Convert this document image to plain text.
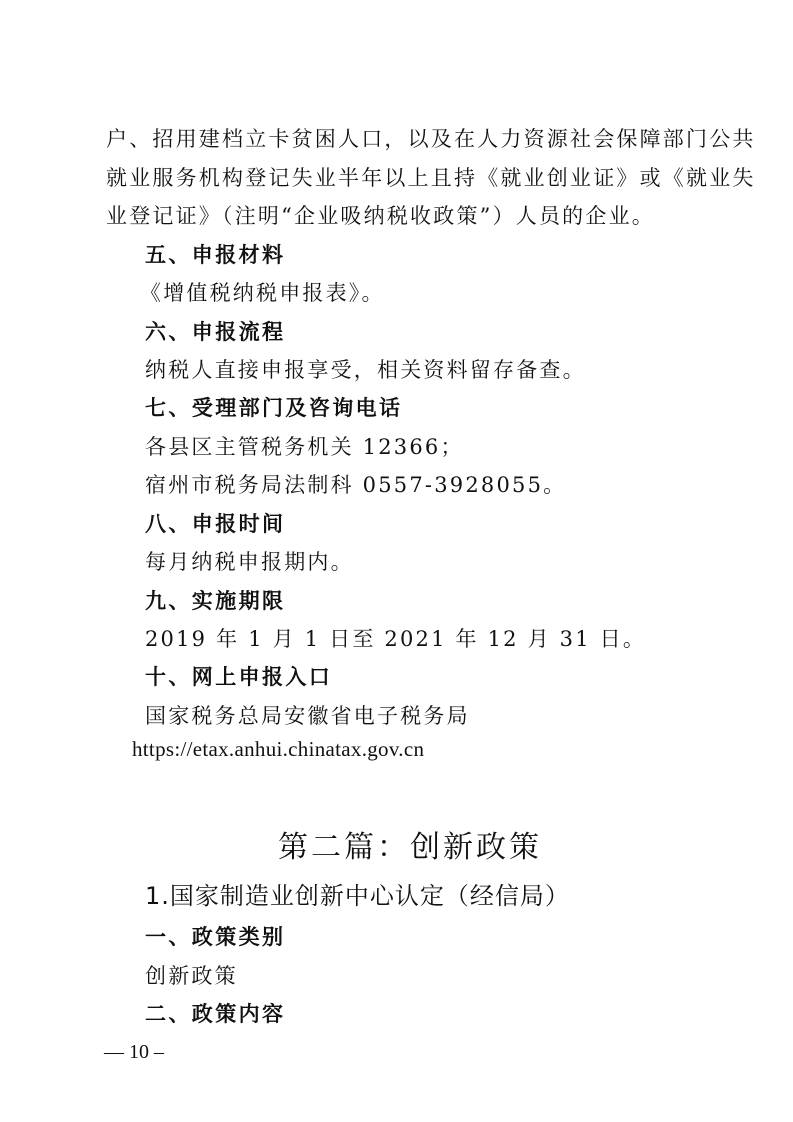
户、招用建档立卡贫困人口，以及在人力资源社会保障部门公共
就业服务机构登记失业半年以上且持《就业创业证》或《就业失
业登记证》（注明“企业吸纳税收政策”）人员的企业。
五、申报材料
《增值税纳税申报表》。
六、申报流程
纳税人直接申报享受，相关资料留存备查。
七、受理部门及咨询电话
各县区主管税务机关 12366；
宿州市税务局法制科 0557-3928055。
八、申报时间
每月纳税申报期内。
九、实施期限
2019 年 1 月 1 日至 2021 年 12 月 31 日。
十、网上申报入口
国家税务总局安徽省电子税务局
https://etax.anhui.chinatax.gov.cn
第二篇：创新政策
1.国家制造业创新中心认定（经信局）
一、政策类别
创新政策
二、政策内容
— 10 –
